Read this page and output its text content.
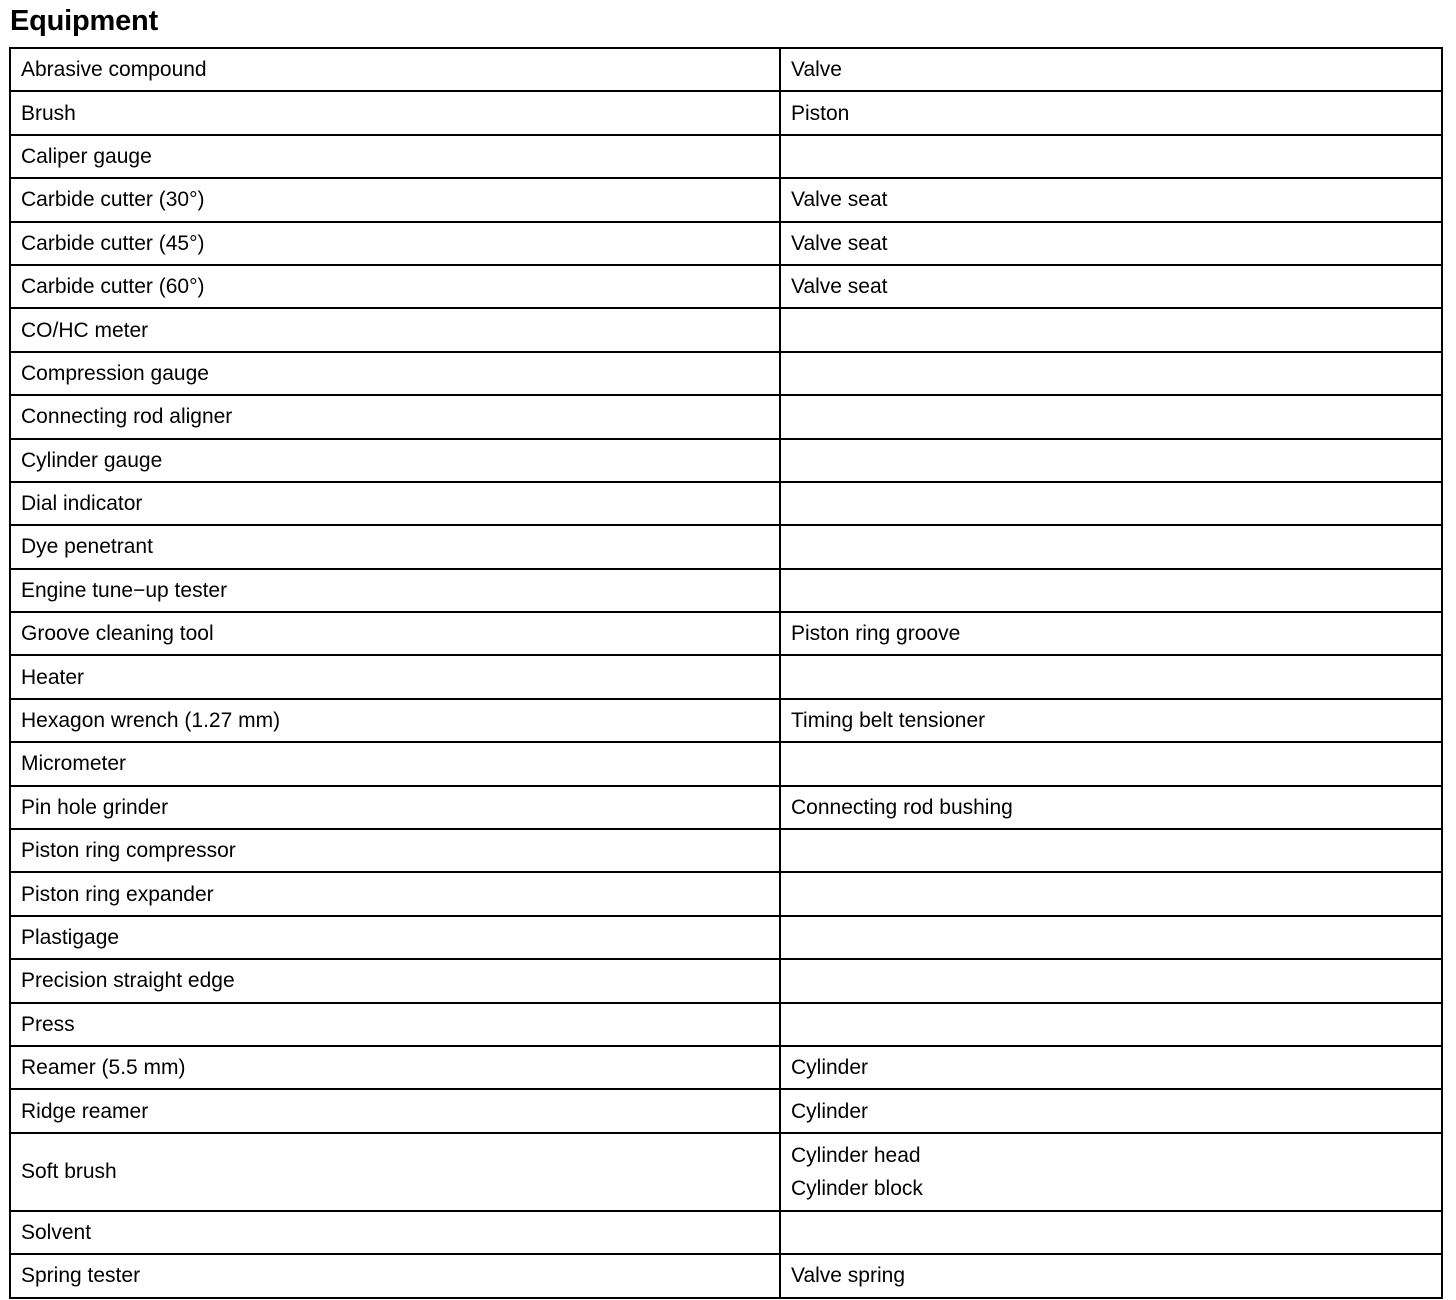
Equipment
Abrasive compound	Valve

Brush	Piston

Caliper gauge	
Carbide cutter (30°)	Valve seat

Carbide cutter (45°)	Valve seat

Carbide cutter (60°)	Valve seat

CO/HC meter	
Compression gauge	
Connecting rod aligner	
Cylinder gauge	
Dial indicator	
Dye penetrant	
Engine tune−up tester	
Groove cleaning tool	Piston ring groove

Heater	
Hexagon wrench (1.27 mm)	Timing belt tensioner

Micrometer	
Pin hole grinder	Connecting rod bushing

Piston ring compressor	
Piston ring expander	
Plastigage	
Precision straight edge	
Press	
Reamer (5.5 mm)	Cylinder

Ridge reamer	Cylinder

Soft brush	Cylinder head
Cylinder block

Solvent	
Spring tester	Valve spring
